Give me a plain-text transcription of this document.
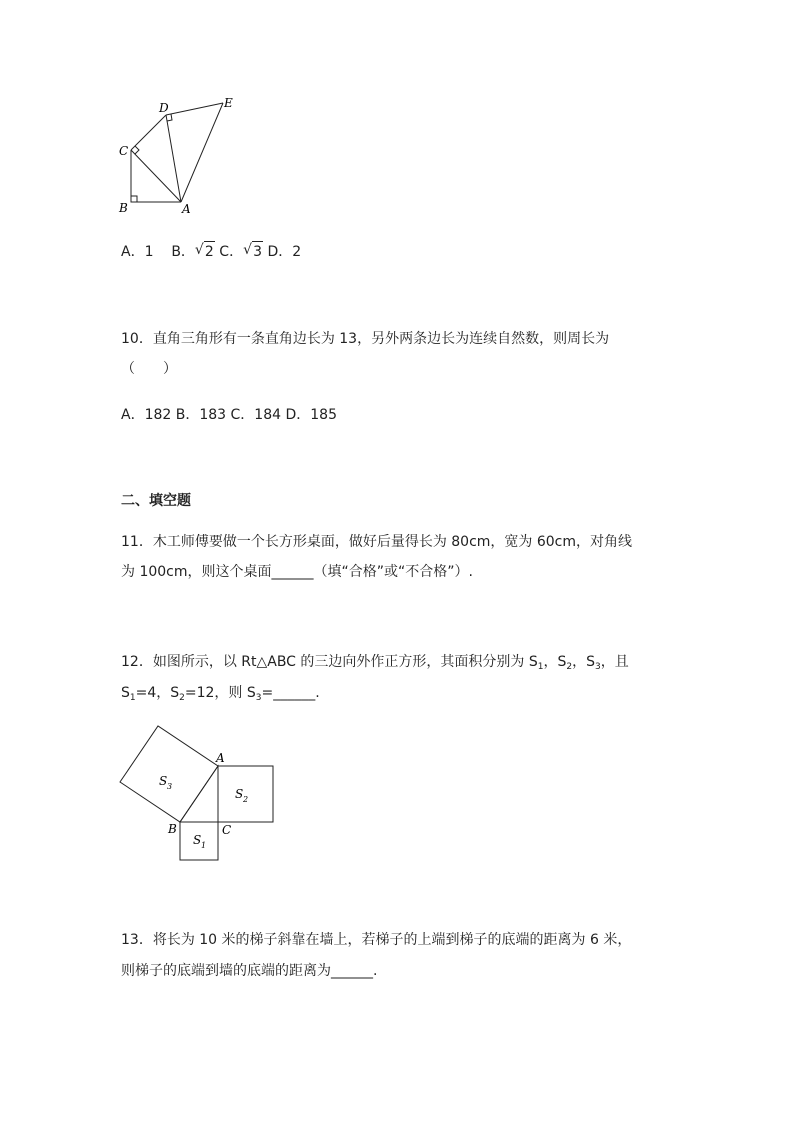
A
B
C
D	E
A．1 B． √ 2 C． √ 3 D．2
10．直角三角形有一条直角边长为 13，另外两条边长为连续自然数，则周长为
（　　）
A．182 B．183 C．184 D．185
二、填空题
11．木工师傅要做一个长方形桌面，做好后量得长为 80cm，宽为 60cm，对角线
为 100cm，则这个桌面______（填“合格”或“不合格”）.
12．如图所示，以 Rt△ABC 的三边向外作正方形，其面积分别为 $S_1$，$S_2$，$S_3$，且
$S_1=4$，$S_2=12$，则 $S_3=\_\_\_\_\_\_$.
A
B	C
S 3
S 2
S 1
13．将长为 10 米的梯子斜靠在墙上，若梯子的上端到梯子的底端的距离为 6 米，
则梯子的底端到墙的底端的距离为______.
